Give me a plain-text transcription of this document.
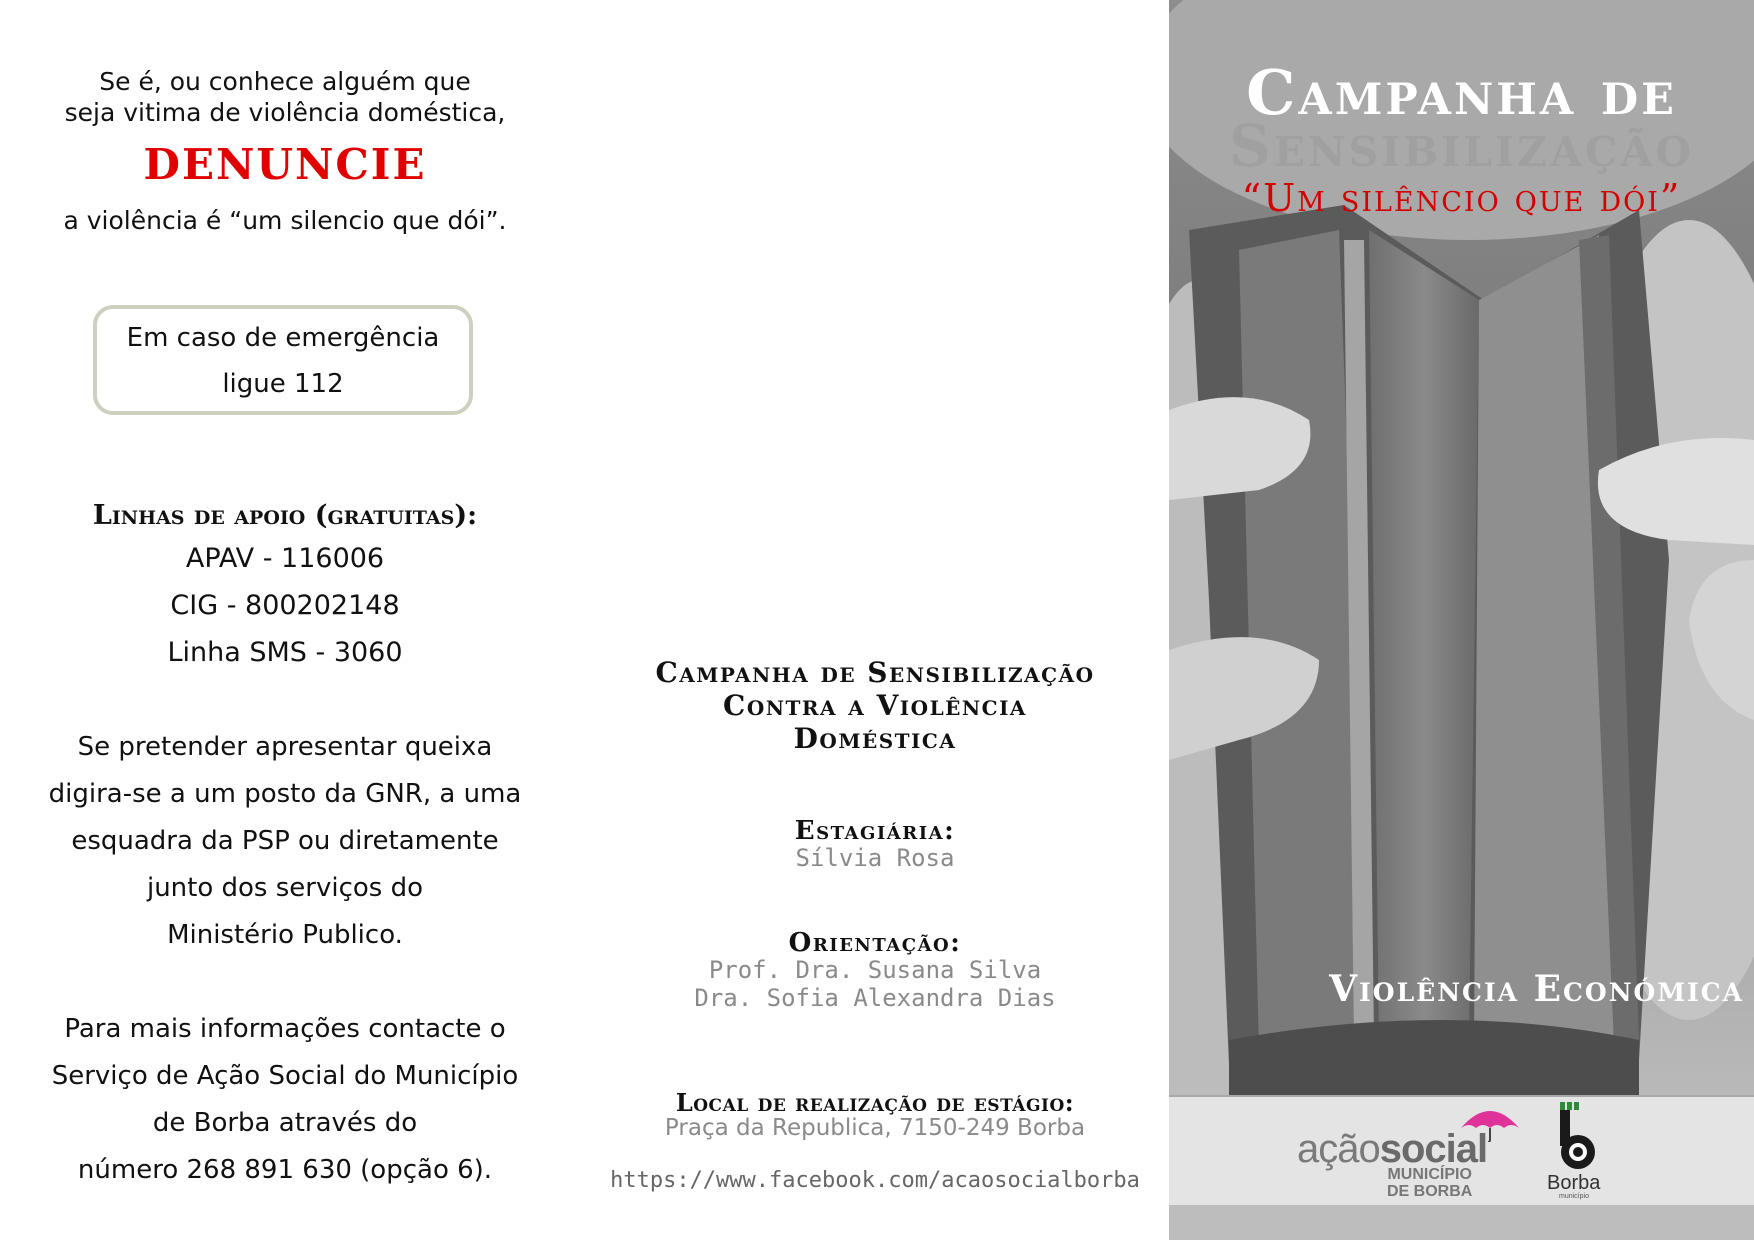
Se é, ou conhece alguém que
seja vitima de violência doméstica,
DENUNCIE
a violência é “um silencio que dói”.
Em caso de emergência
ligue 112
Linhas de apoio (gratuitas):
APAV - 116006
CIG - 800202148
Linha SMS - 3060
Se pretender apresentar queixa
digira-se a um posto da GNR, a uma
esquadra da PSP ou diretamente
junto dos serviços do
Ministério Publico.
Para mais informações contacte o
Serviço de Ação Social do Município
de Borba através do
número 268 891 630 (opção 6).
Campanha de Sensibilização
Contra a Violência
Doméstica
Estagiária:
Sílvia Rosa
Orientação:
Prof. Dra. Susana Silva
Dra. Sofia Alexandra Dias
Local de realização de estágio:
Praça da Republica, 7150-249 Borba
https://www.facebook.com/acaosocialborba
Campanha de
Sensibilização
“Um silêncio que dói”
Violência Económica
açãosocial
MUNICÍPIO
DE BORBA	Borba
município
